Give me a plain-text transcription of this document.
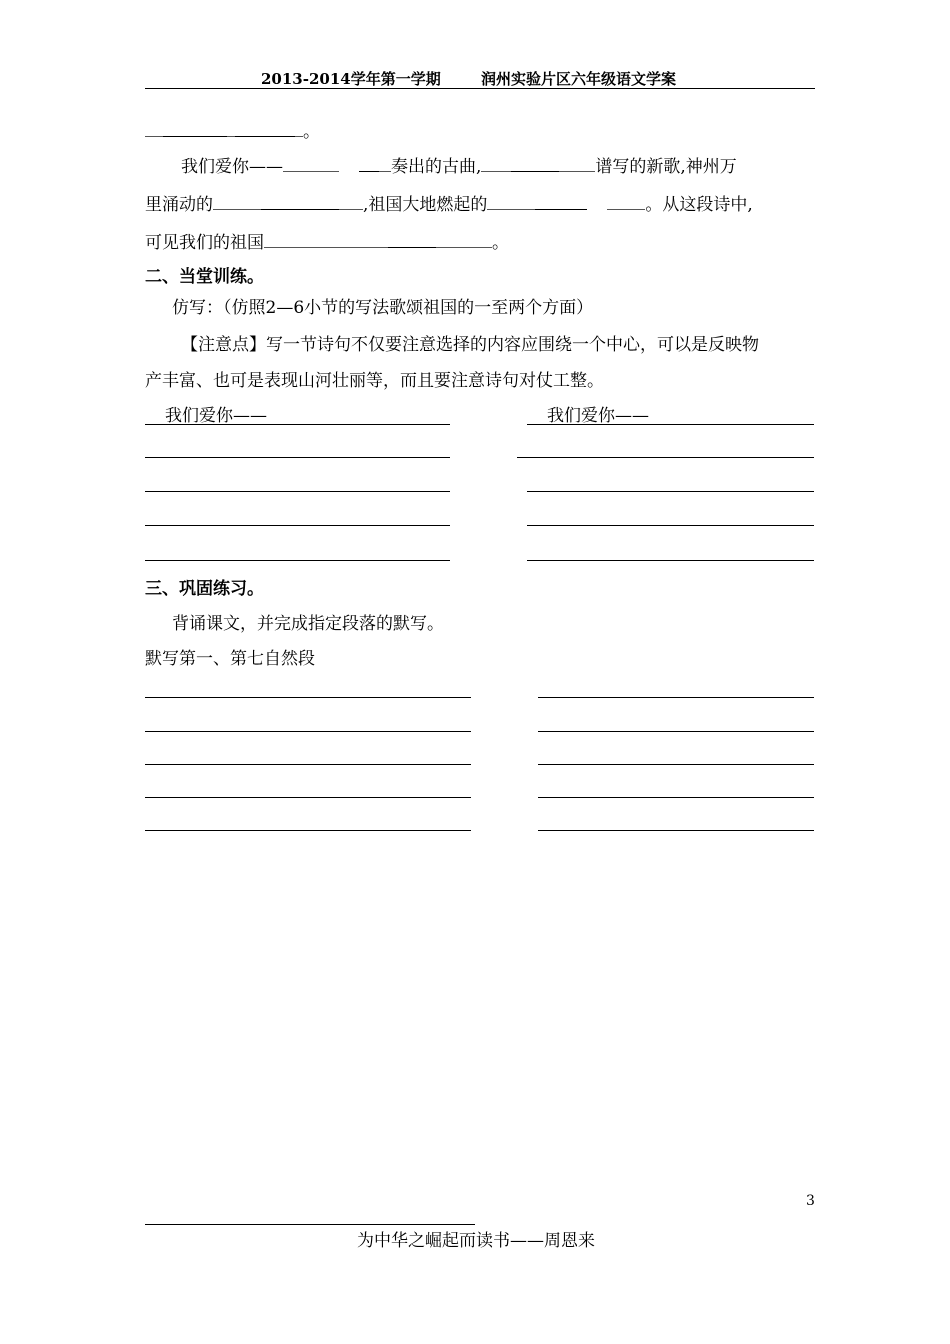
2013-2014学年第一学期	润州实验片区六年级语文学案
。
我们爱你——	奏出的古曲,	谱写的新歌,神州万
里涌动的	,祖国大地燃起的	。从这段诗中,
可见我们的祖国	。
二、当堂训练。
仿写：（仿照2—6小节的写法歌颂祖国的一至两个方面）
【注意点】写一节诗句不仅要注意选择的内容应围绕一个中心，可以是反映物
产丰富、也可是表现山河壮丽等，而且要注意诗句对仗工整。
我们爱你——	我们爱你——
三、巩固练习。
背诵课文，并完成指定段落的默写。
默写第一、第七自然段
3
为中华之崛起而读书——周恩来
